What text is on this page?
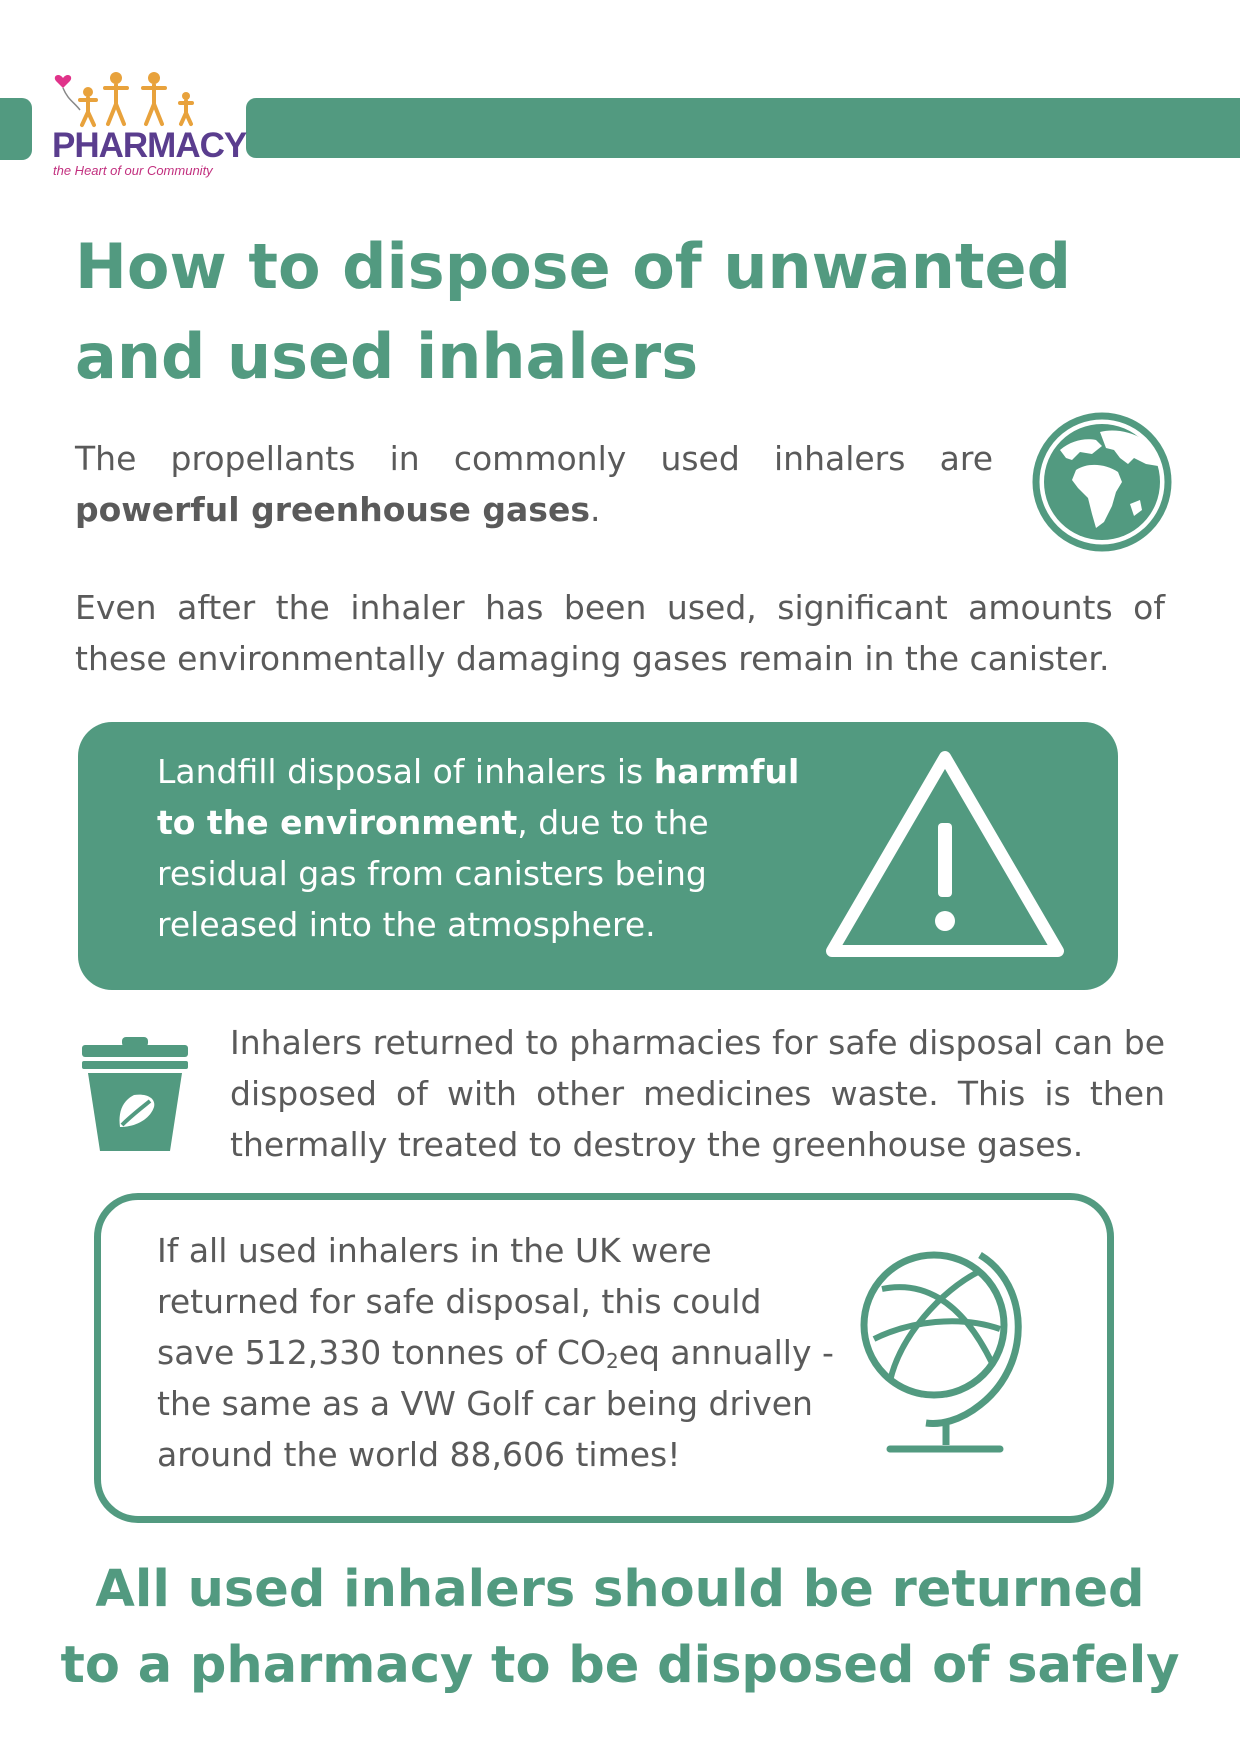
PHARMACY
the Heart of our Community
How to dispose of unwanted and used inhalers
The propellants in commonly used inhalers are powerful greenhouse gases.
Even after the inhaler has been used, significant amounts of these environmentally damaging gases remain in the canister.
Landfill disposal of inhalers is harmful to the environment, due to the residual gas from canisters being released into the atmosphere.
Inhalers returned to pharmacies for safe disposal can be disposed of with other medicines waste. This is then thermally treated to destroy the greenhouse gases.
If all used inhalers in the UK were returned for safe disposal, this could save 512,330 tonnes of $CO_2eq$ annually - the same as a VW Golf car being driven around the world 88,606 times!
All used inhalers should be returned to a pharmacy to be disposed of safely
